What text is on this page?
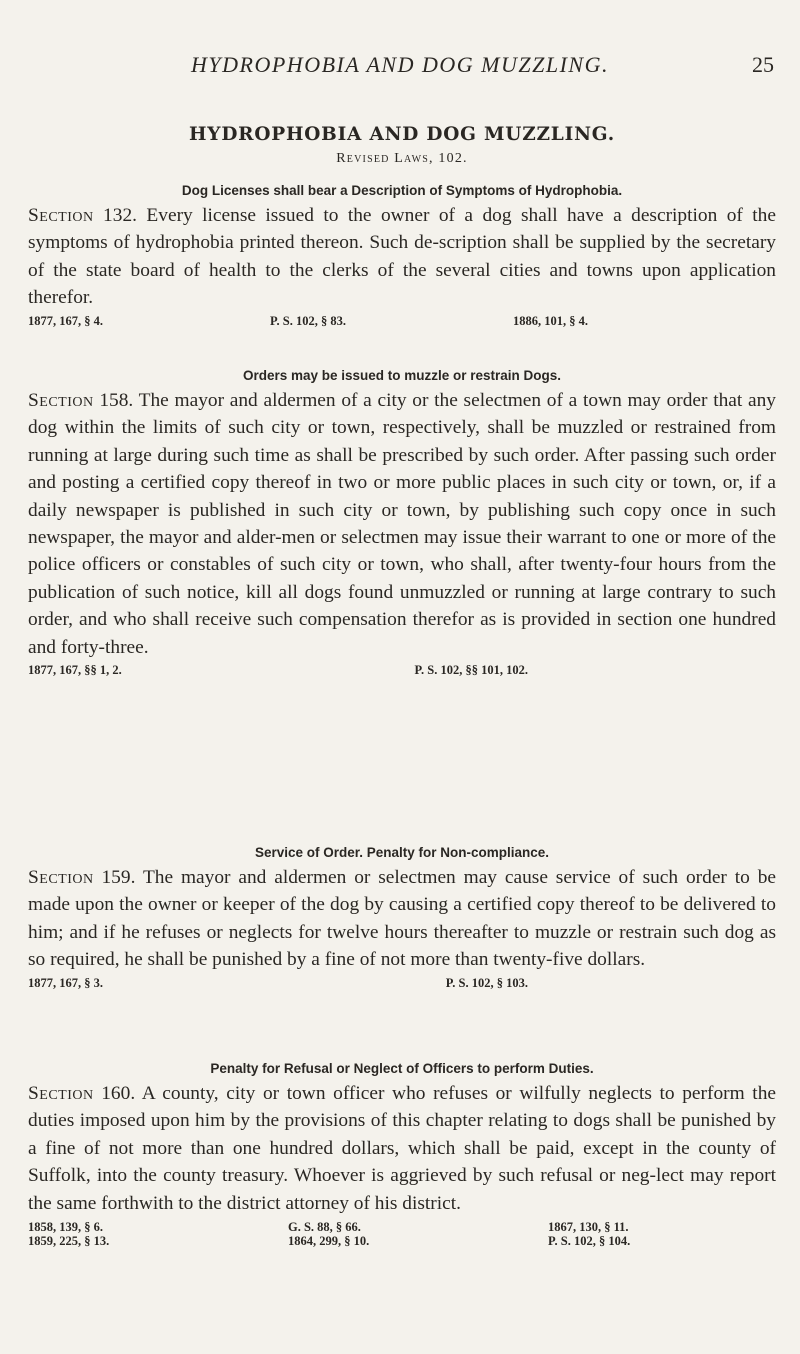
HYDROPHOBIA AND DOG MUZZLING.	25
HYDROPHOBIA AND DOG MUZZLING.

Revised Laws, 102.

Dog Licenses shall bear a Description of Symptoms of Hydrophobia.

Section 132. Every license issued to the owner of a dog shall have a description of the symptoms of hydrophobia printed thereon. Such de-scription shall be supplied by the secretary of the state board of health to the clerks of the several cities and towns upon application therefor.

1877, 167, § 4.	P. S. 102, § 83.	1886, 101, § 4.

Orders may be issued to muzzle or restrain Dogs.

Section 158. The mayor and aldermen of a city or the selectmen of a town may order that any dog within the limits of such city or town, respectively, shall be muzzled or restrained from running at large during such time as shall be prescribed by such order. After passing such order and posting a certified copy thereof in two or more public places in such city or town, or, if a daily newspaper is published in such city or town, by publishing such copy once in such newspaper, the mayor and alder-men or selectmen may issue their warrant to one or more of the police officers or constables of such city or town, who shall, after twenty-four hours from the publication of such notice, kill all dogs found unmuzzled or running at large contrary to such order, and who shall receive such compensation therefor as is provided in section one hundred and forty-three.

1877, 167, §§ 1, 2.	P. S. 102, §§ 101, 102.

Service of Order. Penalty for Non-compliance.

Section 159. The mayor and aldermen or selectmen may cause service of such order to be made upon the owner or keeper of the dog by causing a certified copy thereof to be delivered to him; and if he refuses or neglects for twelve hours thereafter to muzzle or restrain such dog as so required, he shall be punished by a fine of not more than twenty-five dollars.

1877, 167, § 3.	P. S. 102, § 103.

Penalty for Refusal or Neglect of Officers to perform Duties.

Section 160. A county, city or town officer who refuses or wilfully neglects to perform the duties imposed upon him by the provisions of this chapter relating to dogs shall be punished by a fine of not more than one hundred dollars, which shall be paid, except in the county of Suffolk, into the county treasury. Whoever is aggrieved by such refusal or neg-lect may report the same forthwith to the district attorney of his district.

1858, 139, § 6.	G. S. 88, § 66.	1867, 130, § 11.
1859, 225, § 13.	1864, 299, § 10.	P. S. 102, § 104.
